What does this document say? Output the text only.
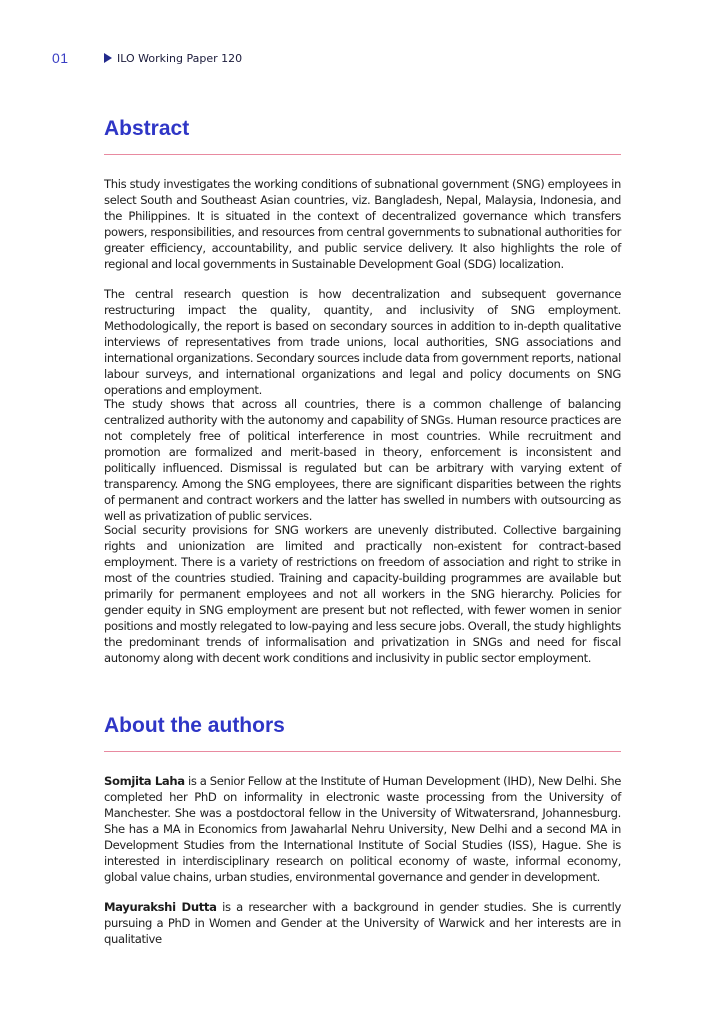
01	ILO Working Paper 120
Abstract

This study investigates the working conditions of subnational government (SNG) employees in select South and Southeast Asian countries, viz. Bangladesh, Nepal, Malaysia, Indonesia, and the Philippines. It is situated in the context of decentralized governance which transfers powers, responsibilities, and resources from central governments to subnational authorities for greater efficiency, accountability, and public service delivery. It also highlights the role of regional and local governments in Sustainable Development Goal (SDG) localization.

The central research question is how decentralization and subsequent governance restructuring impact the quality, quantity, and inclusivity of SNG employment. Methodologically, the report is based on secondary sources in addition to in-depth qualitative interviews of representatives from trade unions, local authorities, SNG associations and international organizations. Secondary sources include data from government reports, national labour surveys, and international organizations and legal and policy documents on SNG operations and employment.

The study shows that across all countries, there is a common challenge of balancing centralized authority with the autonomy and capability of SNGs. Human resource practices are not completely free of political interference in most countries. While recruitment and promotion are formalized and merit-based in theory, enforcement is inconsistent and politically influenced. Dismissal is regulated but can be arbitrary with varying extent of transparency. Among the SNG employees, there are significant disparities between the rights of permanent and contract workers and the latter has swelled in numbers with outsourcing as well as privatization of public services.

Social security provisions for SNG workers are unevenly distributed. Collective bargaining rights and unionization are limited and practically non-existent for contract-based employment. There is a variety of restrictions on freedom of association and right to strike in most of the countries studied. Training and capacity-building programmes are available but primarily for permanent employees and not all workers in the SNG hierarchy. Policies for gender equity in SNG employment are present but not reflected, with fewer women in senior positions and mostly relegated to low-paying and less secure jobs. Overall, the study highlights the predominant trends of informalisation and privatization in SNGs and need for fiscal autonomy along with decent work conditions and inclusivity in public sector employment.

About the authors

Somjita Laha is a Senior Fellow at the Institute of Human Development (IHD), New Delhi. She completed her PhD on informality in electronic waste processing from the University of Manchester. She was a postdoctoral fellow in the University of Witwatersrand, Johannesburg. She has a MA in Economics from Jawaharlal Nehru University, New Delhi and a second MA in Development Studies from the International Institute of Social Studies (ISS), Hague. She is interested in interdisciplinary research on political economy of waste, informal economy, global value chains, urban studies, environmental governance and gender in development.

Mayurakshi Dutta is a researcher with a background in gender studies. She is currently pursuing a PhD in Women and Gender at the University of Warwick and her interests are in qualitative
